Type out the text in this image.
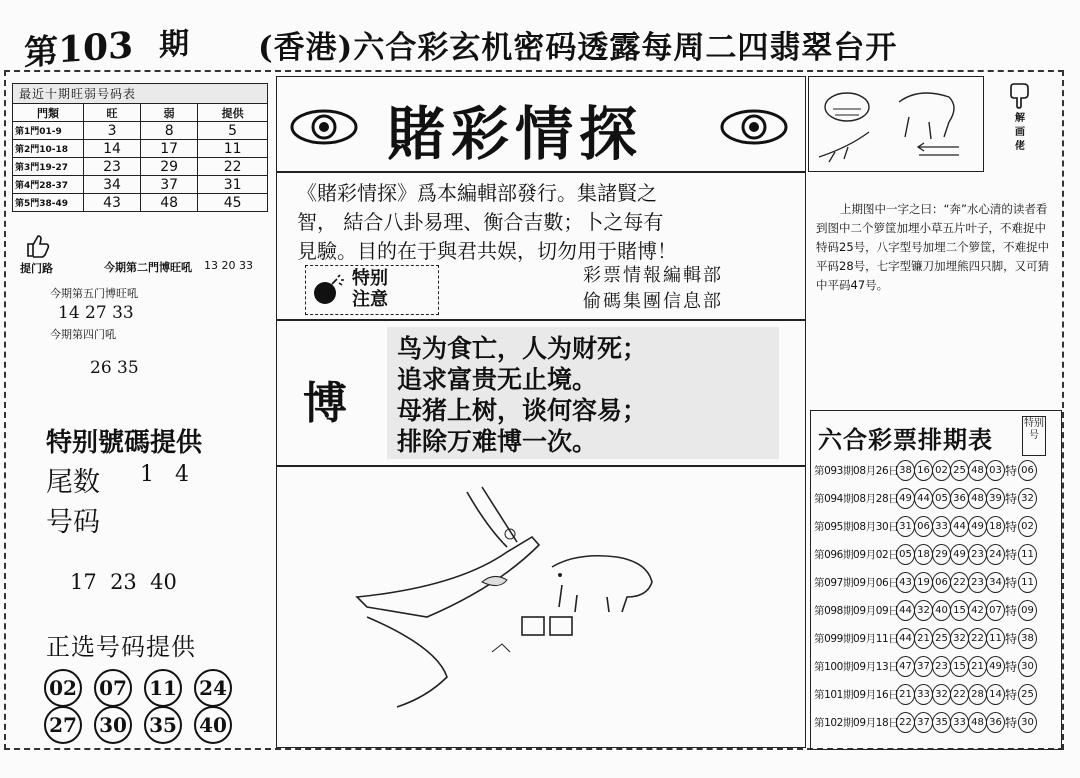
第103 期 (香港)六合彩玄机密码透露每周二四翡翠台开
最近十期旺弱号码表
門類	旺	弱	提供
第1門01-9	3	8	5
第2門10-18	14	17	11
第3門19-27	23	29	22
第4門28-37	34	37	31
第5門38-49	43	48	45
提门路	今期第二門博旺吼 13 20 33
今期第五门博旺吼
14 27 33
今期第四门吼
26 35
特别號碼提供
尾数 1   4
号码
17  23  40
正选号码提供
02 07 11 24
27 30 35 40
賭彩情探
《賭彩情探》爲本編輯部發行。集諸賢之
智， 結合八卦易理、衡合吉數；卜之每有
見驗。目的在于與君共娱，切勿用于賭博！
特别
注意
彩票情報編輯部
偷碼集團信息部
博
鸟为食亡，人为财死；
追求富贵无止境。
母猪上树，谈何容易；
排除万难博一次。
解画佬
上期图中一字之曰：“奔”水心清的读者看到图中二个箩筐加埋小草五片叶子，不难捉中特码25号，八字型号加埋二个箩筐，不难捉中平码28号，七字型镰刀加埋熊四只脚，又可猜中平码47号。
六合彩票排期表
特别号
第093期08月26日38 16 02 25 48 03 特 06
第094期08月28日49 44 05 36 48 39 特 32
第095期08月30日31 06 33 44 49 18 特 02
第096期09月02日05 18 29 49 23 24 特 11
第097期09月06日43 19 06 22 23 34 特 11
第098期09月09日44 32 40 15 42 07 特 09
第099期09月11日44 21 25 32 22 11 特 38
第100期09月13日47 37 23 15 21 49 特 30
第101期09月16日21 33 32 22 28 14 特 25
第102期09月18日22 37 35 33 48 36 特 30
